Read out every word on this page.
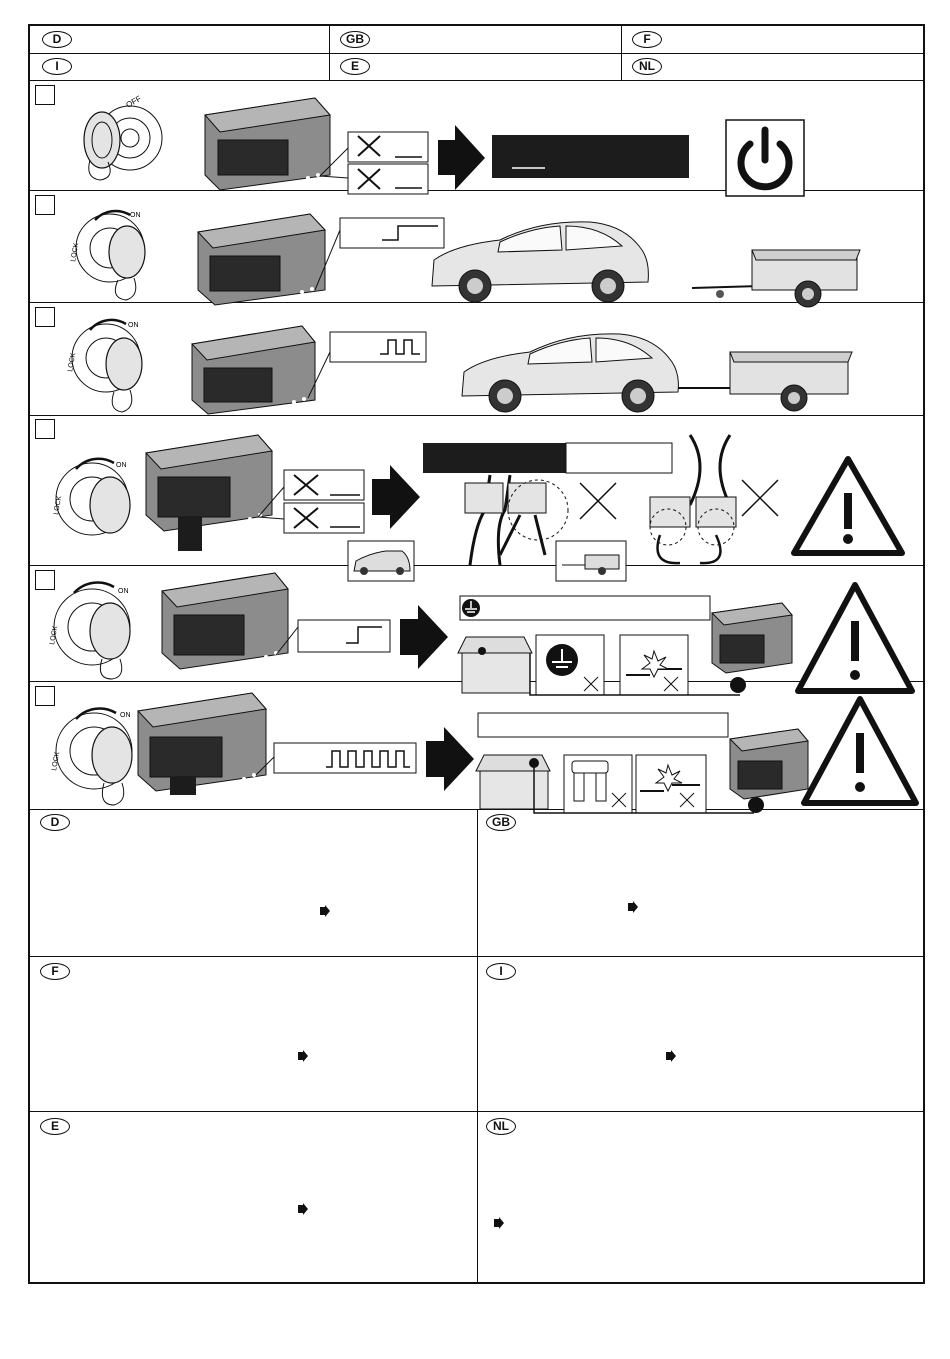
D	GB	F
I	E	NL
OFF
ON
LOCK
ON
LOCK
ON
LOCK
ON
LOCK
ON
LOCK
D	GB
F	I
E	NL
